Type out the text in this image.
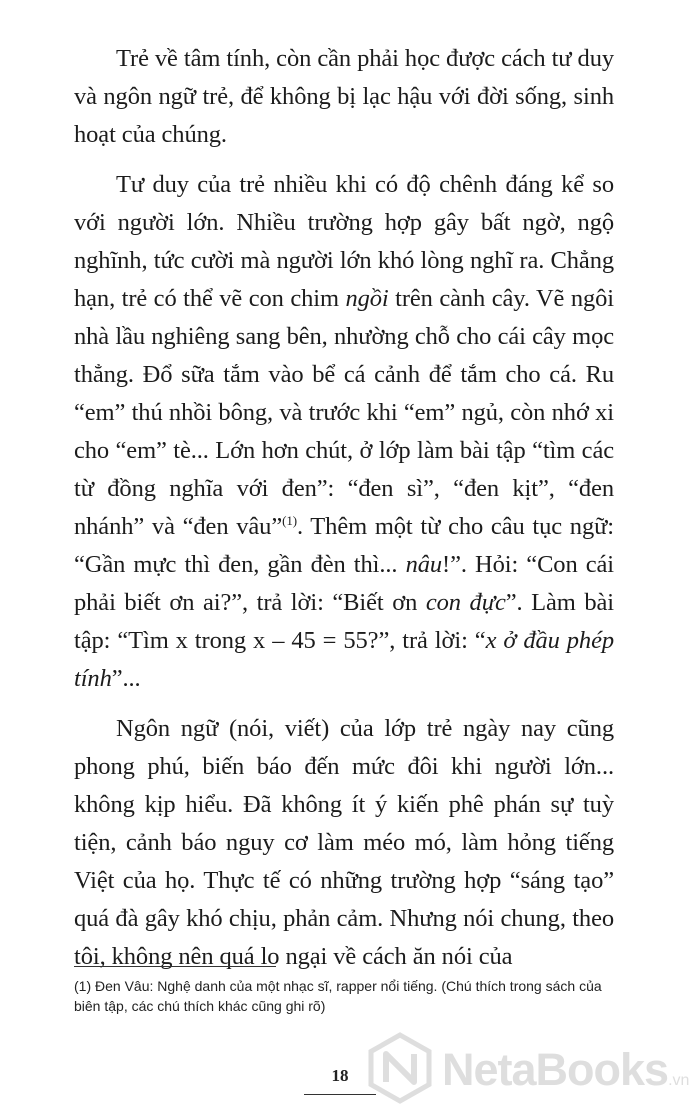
Trẻ về tâm tính, còn cần phải học được cách tư duy và ngôn ngữ trẻ, để không bị lạc hậu với đời sống, sinh hoạt của chúng.

Tư duy của trẻ nhiều khi có độ chênh đáng kể so với người lớn. Nhiều trường hợp gây bất ngờ, ngộ nghĩnh, tức cười mà người lớn khó lòng nghĩ ra. Chẳng hạn, trẻ có thể vẽ con chim ngồi trên cành cây. Vẽ ngôi nhà lầu nghiêng sang bên, nhường chỗ cho cái cây mọc thẳng. Đổ sữa tắm vào bể cá cảnh để tắm cho cá. Ru “em” thú nhồi bông, và trước khi “em” ngủ, còn nhớ xi cho “em” tè... Lớn hơn chút, ở lớp làm bài tập “tìm các từ đồng nghĩa với đen”: “đen sì”, “đen kịt”, “đen nhánh” và “đen vâu”$^{(1)}$. Thêm một từ cho câu tục ngữ: “Gần mực thì đen, gần đèn thì... nâu!”. Hỏi: “Con cái phải biết ơn ai?”, trả lời: “Biết ơn con đực”. Làm bài tập: “Tìm x trong x – 45 = 55?”, trả lời: “x ở đầu phép tính”...

Ngôn ngữ (nói, viết) của lớp trẻ ngày nay cũng phong phú, biến báo đến mức đôi khi người lớn... không kịp hiểu. Đã không ít ý kiến phê phán sự tuỳ tiện, cảnh báo nguy cơ làm méo mó, làm hỏng tiếng Việt của họ. Thực tế có những trường hợp “sáng tạo” quá đà gây khó chịu, phản cảm. Nhưng nói chung, theo tôi, không nên quá lo ngại về cách ăn nói của

(1) Đen Vâu: Nghệ danh của một nhạc sĩ, rapper nổi tiếng. (Chú thích trong sách của biên tập, các chú thích khác cũng ghi rõ)
18	NetaBooks.vn
